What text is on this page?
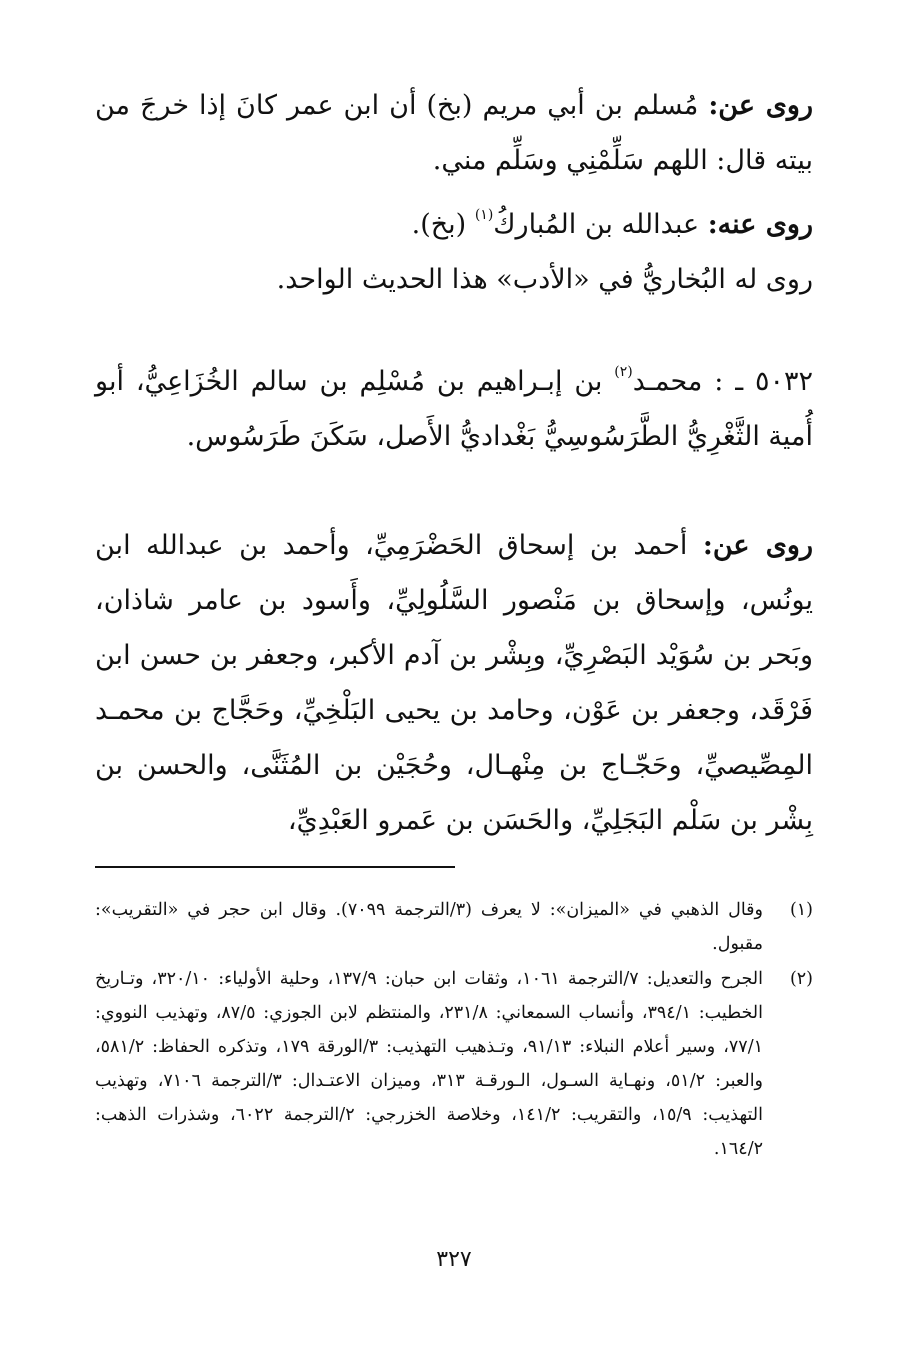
روى عن: مُسلم بن أبي مريم (بخ) أن ابن عمر كانَ إذا خرجَ من بيته قال: اللهم سَلِّمْنِي وسَلِّم مني.
روى عنه: عبدالله بن المُباركُ$^{(١)}$ (بخ).
روى له البُخاريُّ في «الأدب» هذا الحديث الواحد.
٥٠٣٢ ـ : محمـد$^{(٢)}$ بن إبـراهيم بن مُسْلِم بن سالم الخُزَاعِيُّ، أبو أُمية الثَّغْرِيُّ الطَّرَسُوسِيُّ بَغْداديُّ الأَصل، سَكَنَ طَرَسُوس.
روى عن: أحمد بن إسحاق الحَضْرَمِيِّ، وأحمد بن عبدالله ابن يونُس، وإسحاق بن مَنْصور السَّلُولِيِّ، وأَسود بن عامر شاذان، وبَحر بن سُوَيْد البَصْرِيِّ، وبِشْر بن آدم الأكبر، وجعفر بن حسن ابن فَرْقَد، وجعفر بن عَوْن، وحامد بن يحيى البَلْخِيِّ، وحَجَّاج بن محمـد المِصِّيصيِّ، وحَجّـاج بن مِنْهـال، وحُجَيْن بن المُثَنَّى، والحسن بن بِشْر بن سَلْم البَجَلِيِّ، والحَسَن بن عَمرو العَبْدِيِّ،
(١)
وقال الذهبي في «الميزان»: لا يعرف (٣/الترجمة ٧٠٩٩). وقال ابن حجر في «التقريب»: مقبول.
(٢)
الجرح والتعديل: ٧/الترجمة ١٠٦١، وثقات ابن حبان: ١٣٧/٩، وحلية الأولياء: ٣٢٠/١٠، وتـاريخ الخطيب: ٣٩٤/١، وأنساب السمعاني: ٢٣١/٨، والمنتظم لابن الجوزي: ٨٧/٥، وتهذيب النووي: ٧٧/١، وسير أعلام النبلاء: ٩١/١٣، وتـذهيب التهذيب: ٣/الورقة ١٧٩، وتذكره الحفاظ: ٥٨١/٢، والعبر: ٥١/٢، ونهـاية السـول، الـورقـة ٣١٣، وميزان الاعتـدال: ٣/الترجمة ٧١٠٦، وتهذيب التهذيب: ١٥/٩، والتقريب: ١٤١/٢، وخلاصة الخزرجي: ٢/الترجمة ٦٠٢٢، وشذرات الذهب: ١٦٤/٢.
٣٢٧
